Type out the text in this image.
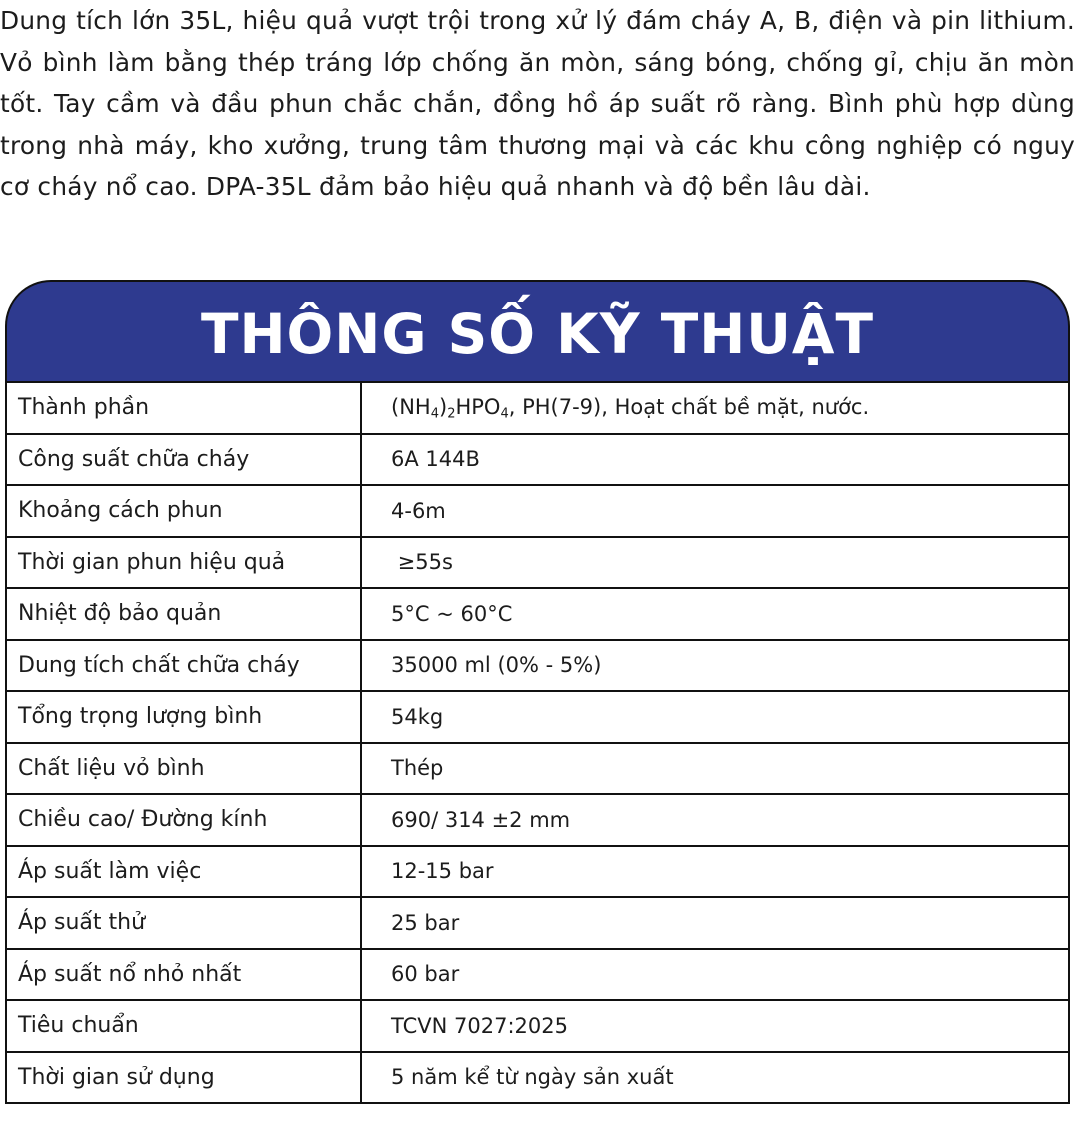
Dung tích lớn 35L, hiệu quả vượt trội trong xử lý đám cháy A, B, điện và pin lithium. Vỏ bình làm bằng thép tráng lớp chống ăn mòn, sáng bóng, chống gỉ, chịu ăn mòn tốt. Tay cầm và đầu phun chắc chắn, đồng hồ áp suất rõ ràng. Bình phù hợp dùng trong nhà máy, kho xưởng, trung tâm thương mại và các khu công nghiệp có nguy cơ cháy nổ cao. DPA-35L đảm bảo hiệu quả nhanh và độ bền lâu dài.

THÔNG SỐ KỸ THUẬT
Thành phần	$(NH_4)_2HPO_4$, PH(7-9), Hoạt chất bề mặt, nước.
Công suất chữa cháy	6A 144B
Khoảng cách phun	4-6m
Thời gian phun hiệu quả	≥55s
Nhiệt độ bảo quản	5°C ~ 60°C
Dung tích chất chữa cháy	35000 ml (0% - 5%)
Tổng trọng lượng bình	54kg
Chất liệu vỏ bình	Thép
Chiều cao/ Đường kính	690/ 314 ±2 mm
Áp suất làm việc	12-15 bar
Áp suất thử	25 bar
Áp suất nổ nhỏ nhất	60 bar
Tiêu chuẩn	TCVN 7027:2025
Thời gian sử dụng	5 năm kể từ ngày sản xuất
